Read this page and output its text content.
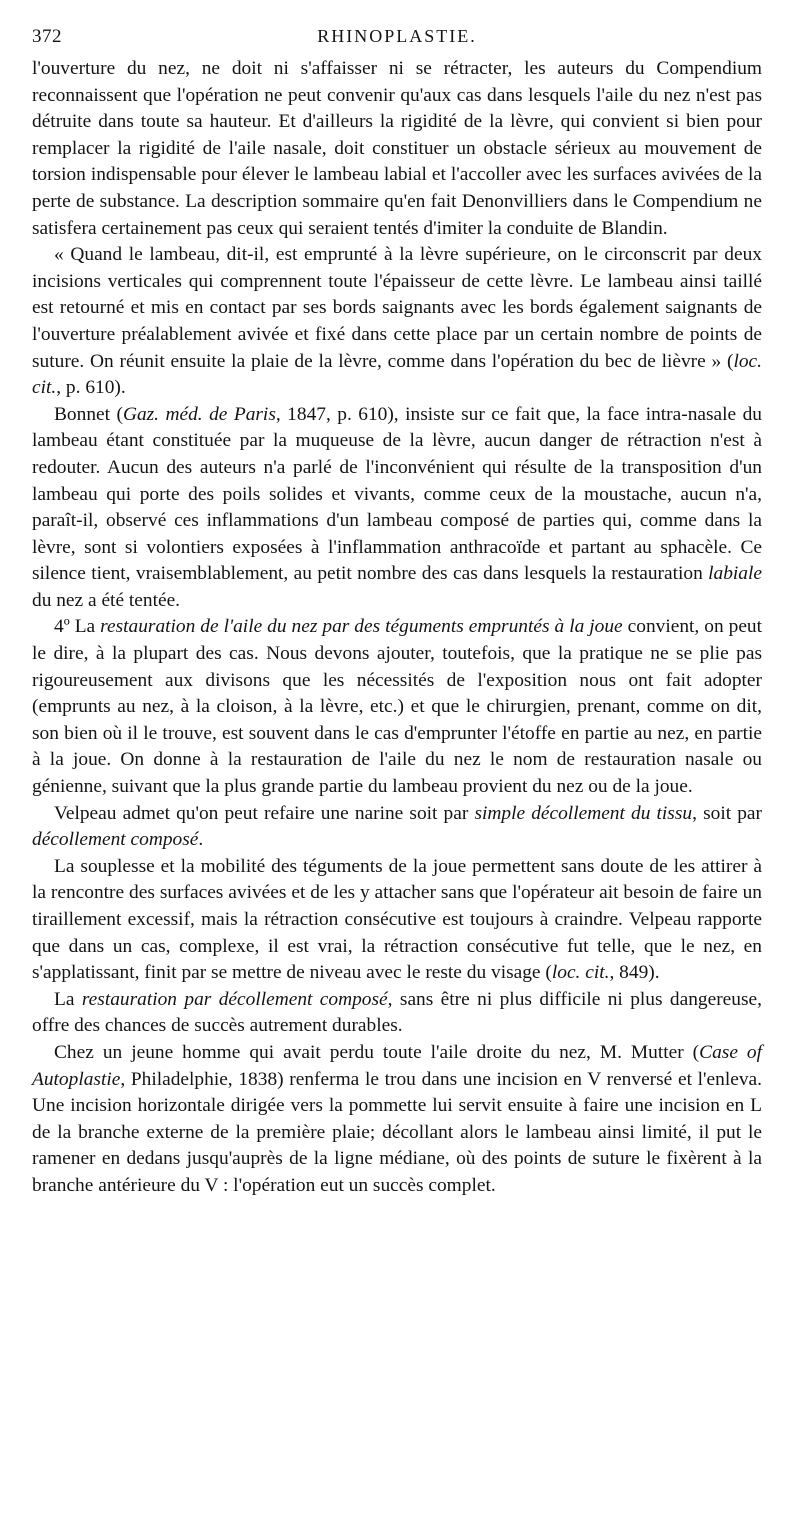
372	RHINOPLASTIE.

l'ouverture du nez, ne doit ni s'affaisser ni se rétracter, les auteurs du Compendium reconnaissent que l'opération ne peut convenir qu'aux cas dans lesquels l'aile du nez n'est pas détruite dans toute sa hauteur. Et d'ailleurs la rigidité de la lèvre, qui convient si bien pour remplacer la rigidité de l'aile nasale, doit constituer un obstacle sérieux au mouvement de torsion indispensable pour élever le lambeau labial et l'accoller avec les surfaces avivées de la perte de substance. La description sommaire qu'en fait Denonvilliers dans le Compendium ne satisfera certainement pas ceux qui seraient tentés d'imiter la conduite de Blandin.

« Quand le lambeau, dit-il, est emprunté à la lèvre supérieure, on le circonscrit par deux incisions verticales qui comprennent toute l'épaisseur de cette lèvre. Le lambeau ainsi taillé est retourné et mis en contact par ses bords saignants avec les bords également saignants de l'ouverture préalablement avivée et fixé dans cette place par un certain nombre de points de suture. On réunit ensuite la plaie de la lèvre, comme dans l'opération du bec de lièvre » (loc. cit., p. 610).

Bonnet (Gaz. méd. de Paris, 1847, p. 610), insiste sur ce fait que, la face intra-nasale du lambeau étant constituée par la muqueuse de la lèvre, aucun danger de rétraction n'est à redouter. Aucun des auteurs n'a parlé de l'inconvénient qui résulte de la transposition d'un lambeau qui porte des poils solides et vivants, comme ceux de la moustache, aucun n'a, paraît-il, observé ces inflammations d'un lambeau composé de parties qui, comme dans la lèvre, sont si volontiers exposées à l'inflammation anthracoïde et partant au sphacèle. Ce silence tient, vraisemblablement, au petit nombre des cas dans lesquels la restauration labiale du nez a été tentée.

4º La restauration de l'aile du nez par des téguments empruntés à la joue convient, on peut le dire, à la plupart des cas. Nous devons ajouter, toutefois, que la pratique ne se plie pas rigoureusement aux divisons que les nécessités de l'exposition nous ont fait adopter (emprunts au nez, à la cloison, à la lèvre, etc.) et que le chirurgien, prenant, comme on dit, son bien où il le trouve, est souvent dans le cas d'emprunter l'étoffe en partie au nez, en partie à la joue. On donne à la restauration de l'aile du nez le nom de restauration nasale ou génienne, suivant que la plus grande partie du lambeau provient du nez ou de la joue.

Velpeau admet qu'on peut refaire une narine soit par simple décollement du tissu, soit par décollement composé.

La souplesse et la mobilité des téguments de la joue permettent sans doute de les attirer à la rencontre des surfaces avivées et de les y attacher sans que l'opérateur ait besoin de faire un tiraillement excessif, mais la rétraction consécutive est toujours à craindre. Velpeau rapporte que dans un cas, complexe, il est vrai, la rétraction consécutive fut telle, que le nez, en s'applatissant, finit par se mettre de niveau avec le reste du visage (loc. cit., 849).

La restauration par décollement composé, sans être ni plus difficile ni plus dangereuse, offre des chances de succès autrement durables.

Chez un jeune homme qui avait perdu toute l'aile droite du nez, M. Mutter (Case of Autoplastie, Philadelphie, 1838) renferma le trou dans une incision en V renversé et l'enleva. Une incision horizontale dirigée vers la pommette lui servit ensuite à faire une incision en L de la branche externe de la première plaie; décollant alors le lambeau ainsi limité, il put le ramener en dedans jusqu'auprès de la ligne médiane, où des points de suture le fixèrent à la branche antérieure du V : l'opération eut un succès complet.
